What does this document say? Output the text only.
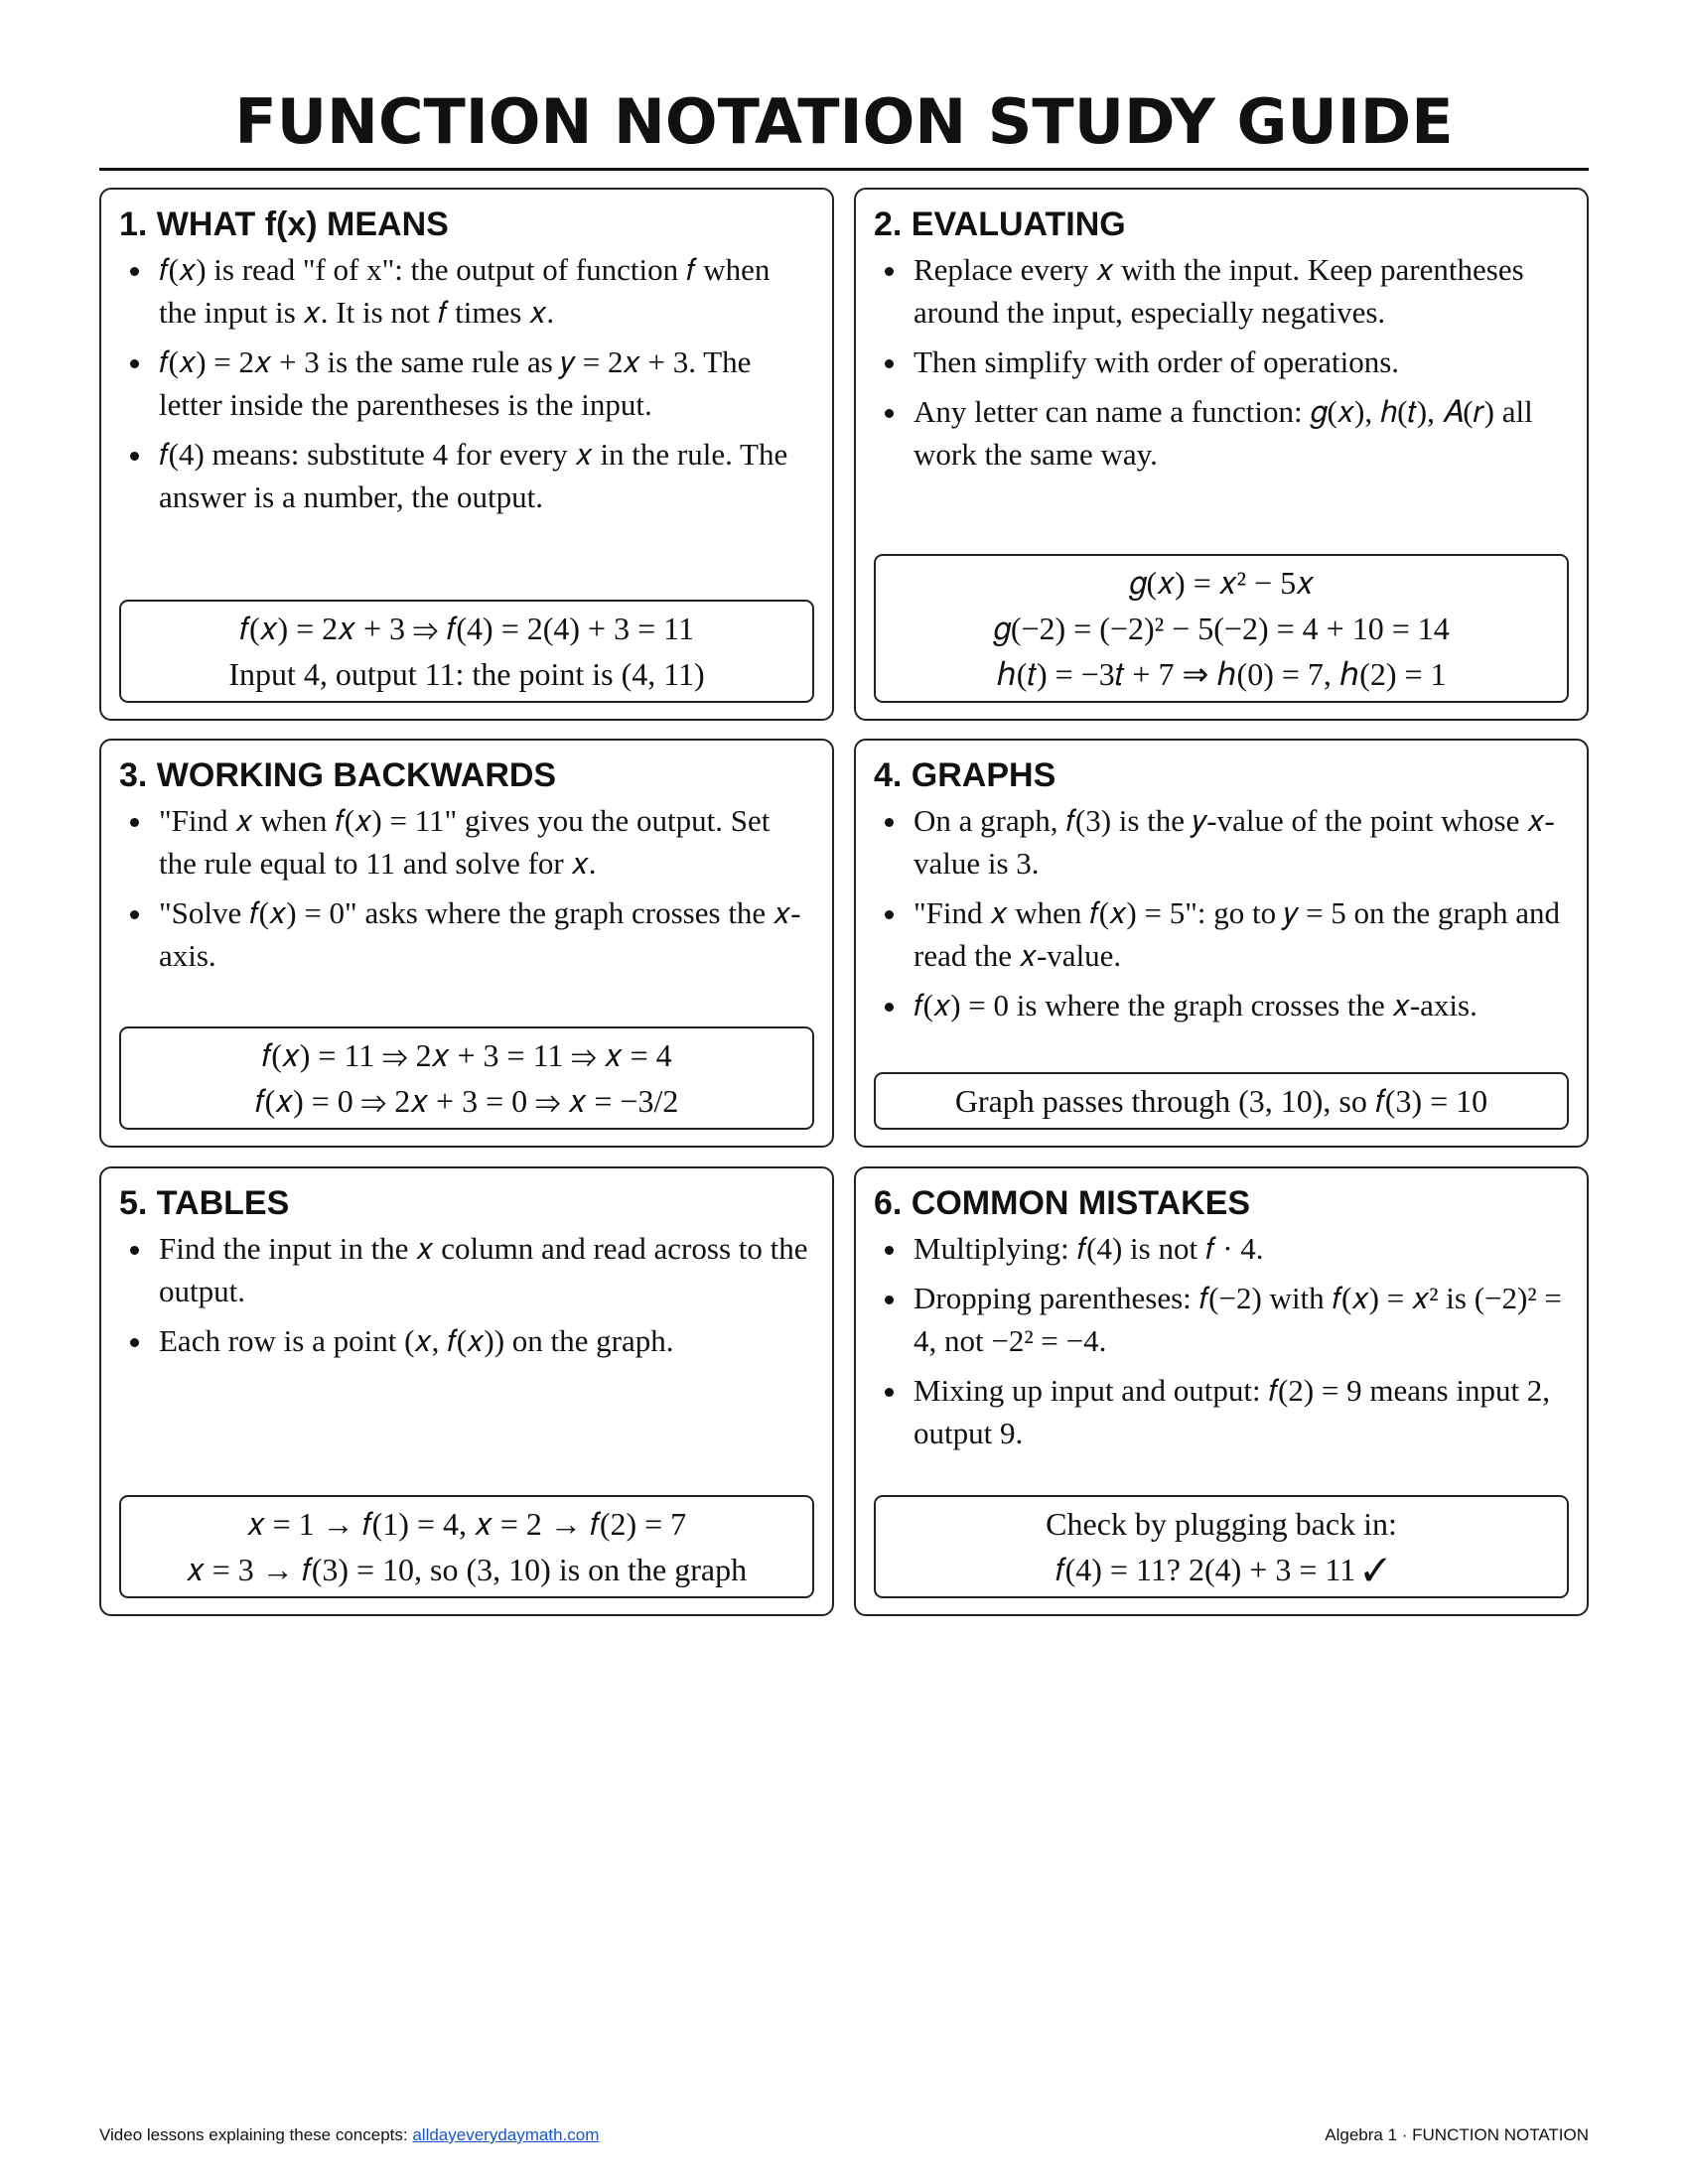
FUNCTION NOTATION STUDY GUIDE
1. WHAT f(x) MEANS
• 𝑓(𝑥) is read "f of x": the output of function 𝑓 when the input is 𝑥. It is not 𝑓 times 𝑥.
• 𝑓(𝑥) = 2𝑥 + 3 is the same rule as 𝑦 = 2𝑥 + 3. The letter inside the parentheses is the input.
• 𝑓(4) means: substitute 4 for every 𝑥 in the rule. The answer is a number, the output.
𝑓(𝑥) = 2𝑥 + 3 ⇒ 𝑓(4) = 2(4) + 3 = 11
Input 4, output 11: the point is (4, 11)
2. EVALUATING
• Replace every 𝑥 with the input. Keep parentheses around the input, especially negatives.
• Then simplify with order of operations.
• Any letter can name a function: 𝑔(𝑥), ℎ(𝑡), 𝐴(𝑟) all work the same way.
𝑔(𝑥) = 𝑥² − 5𝑥
𝑔(−2) = (−2)² − 5(−2) = 4 + 10 = 14
ℎ(𝑡) = −3𝑡 + 7 ⇒ ℎ(0) = 7, ℎ(2) = 1
3. WORKING BACKWARDS
• "Find 𝑥 when 𝑓(𝑥) = 11" gives you the output. Set the rule equal to 11 and solve for 𝑥.
• "Solve 𝑓(𝑥) = 0" asks where the graph crosses the 𝑥-axis.
𝑓(𝑥) = 11 ⇒ 2𝑥 + 3 = 11 ⇒ 𝑥 = 4
𝑓(𝑥) = 0 ⇒ 2𝑥 + 3 = 0 ⇒ 𝑥 = −3/2
4. GRAPHS
• On a graph, 𝑓(3) is the 𝑦-value of the point whose 𝑥-value is 3.
• "Find 𝑥 when 𝑓(𝑥) = 5": go to 𝑦 = 5 on the graph and read the 𝑥-value.
• 𝑓(𝑥) = 0 is where the graph crosses the 𝑥-axis.
Graph passes through (3, 10), so 𝑓(3) = 10
5. TABLES
• Find the input in the 𝑥 column and read across to the output.
• Each row is a point (𝑥, 𝑓(𝑥)) on the graph.
𝑥 = 1 → 𝑓(1) = 4, 𝑥 = 2 → 𝑓(2) = 7
𝑥 = 3 → 𝑓(3) = 10, so (3, 10) is on the graph
6. COMMON MISTAKES
• Multiplying: 𝑓(4) is not 𝑓 · 4.
• Dropping parentheses: 𝑓(−2) with 𝑓(𝑥) = 𝑥² is (−2)² = 4, not −2² = −4.
• Mixing up input and output: 𝑓(2) = 9 means input 2, output 9.
Check by plugging back in:
𝑓(4) = 11? 2(4) + 3 = 11 ✓
Video lessons explaining these concepts: alldayeverydaymath.com	Algebra 1 · FUNCTION NOTATION
